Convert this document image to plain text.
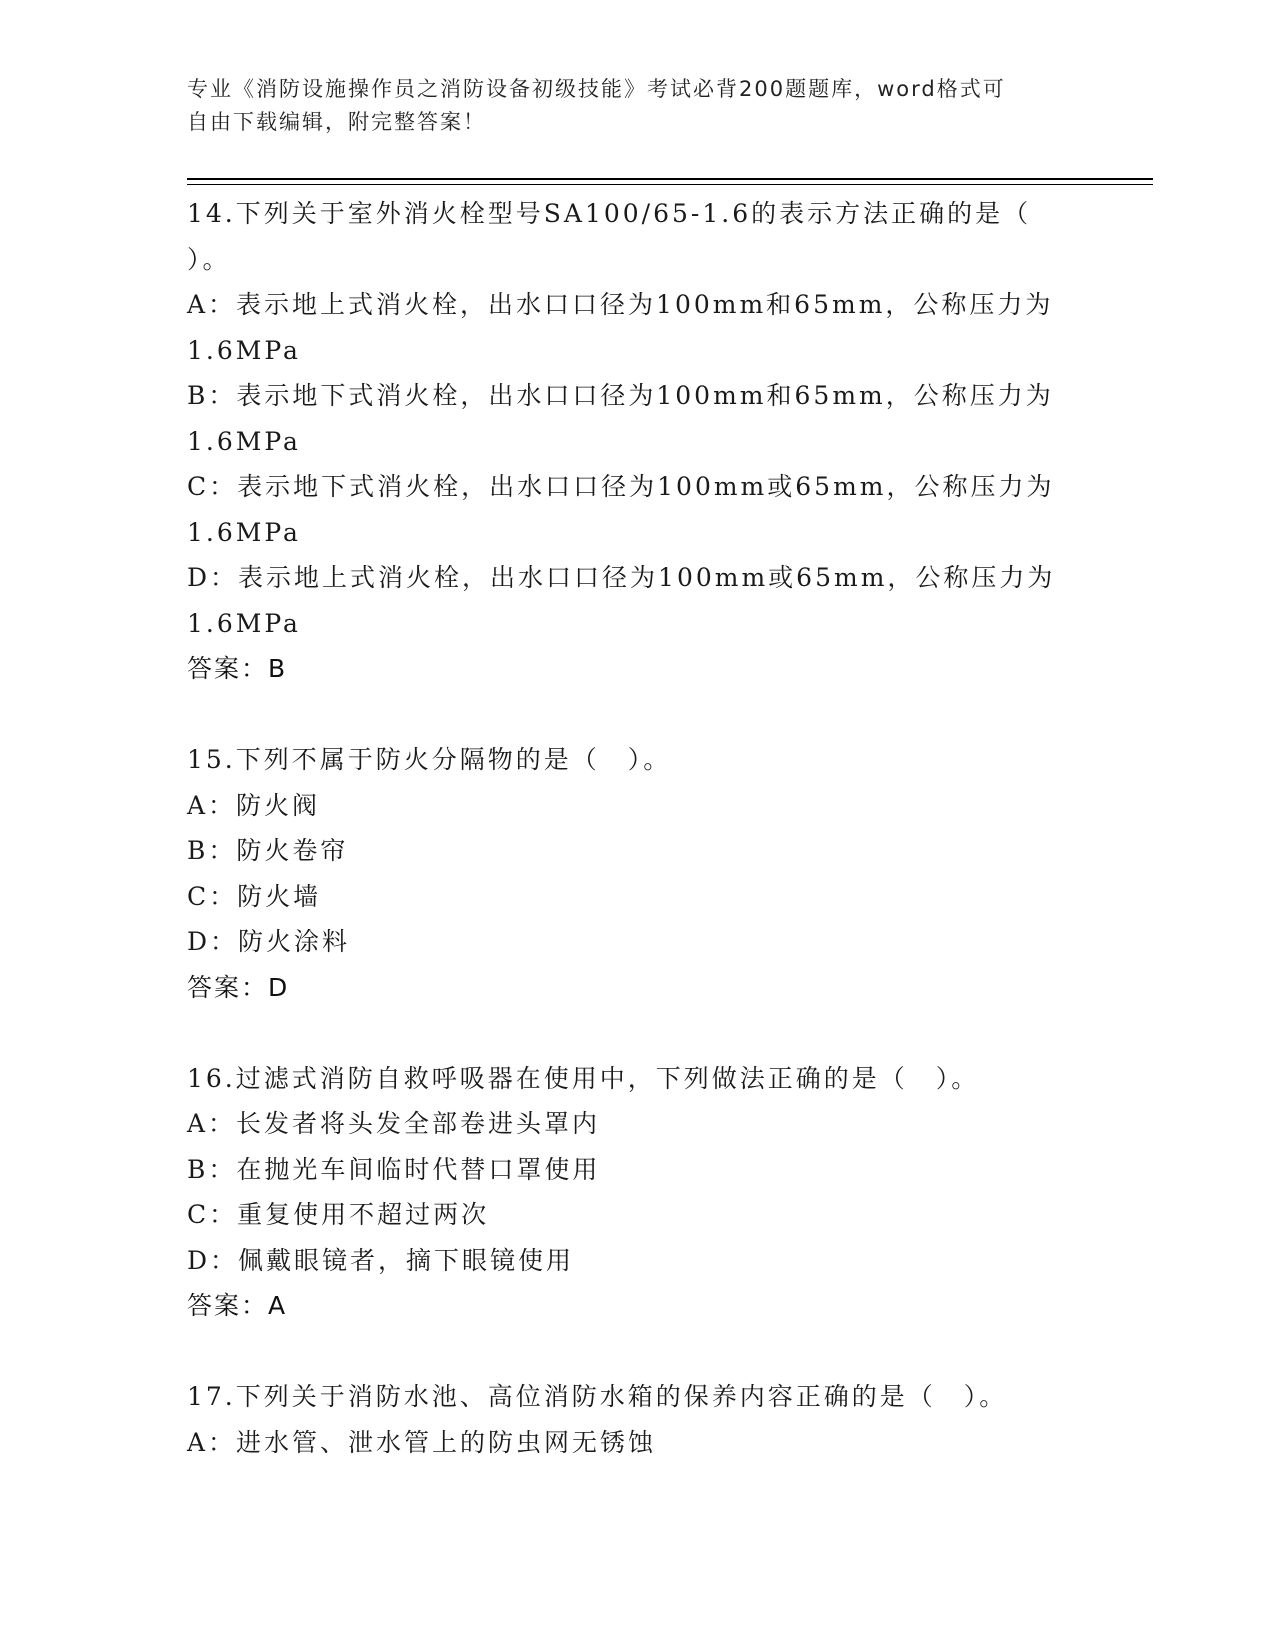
专业《消防设施操作员之消防设备初级技能》考试必背200题题库，word格式可
自由下载编辑，附完整答案！
14.下列关于室外消火栓型号SA100/65-1.6的表示方法正确的是（
）。
A：表示地上式消火栓，出水口口径为100mm和65mm，公称压力为
1.6MPa
B：表示地下式消火栓，出水口口径为100mm和65mm，公称压力为
1.6MPa
C：表示地下式消火栓，出水口口径为100mm或65mm，公称压力为
1.6MPa
D：表示地上式消火栓，出水口口径为100mm或65mm，公称压力为
1.6MPa
答案：B
15.下列不属于防火分隔物的是（　）。
A：防火阀
B：防火卷帘
C：防火墙
D：防火涂料
答案：D
16.过滤式消防自救呼吸器在使用中，下列做法正确的是（　）。
A：长发者将头发全部卷进头罩内
B：在抛光车间临时代替口罩使用
C：重复使用不超过两次
D：佩戴眼镜者，摘下眼镜使用
答案：A
17.下列关于消防水池、高位消防水箱的保养内容正确的是（　）。
A：进水管、泄水管上的防虫网无锈蚀
